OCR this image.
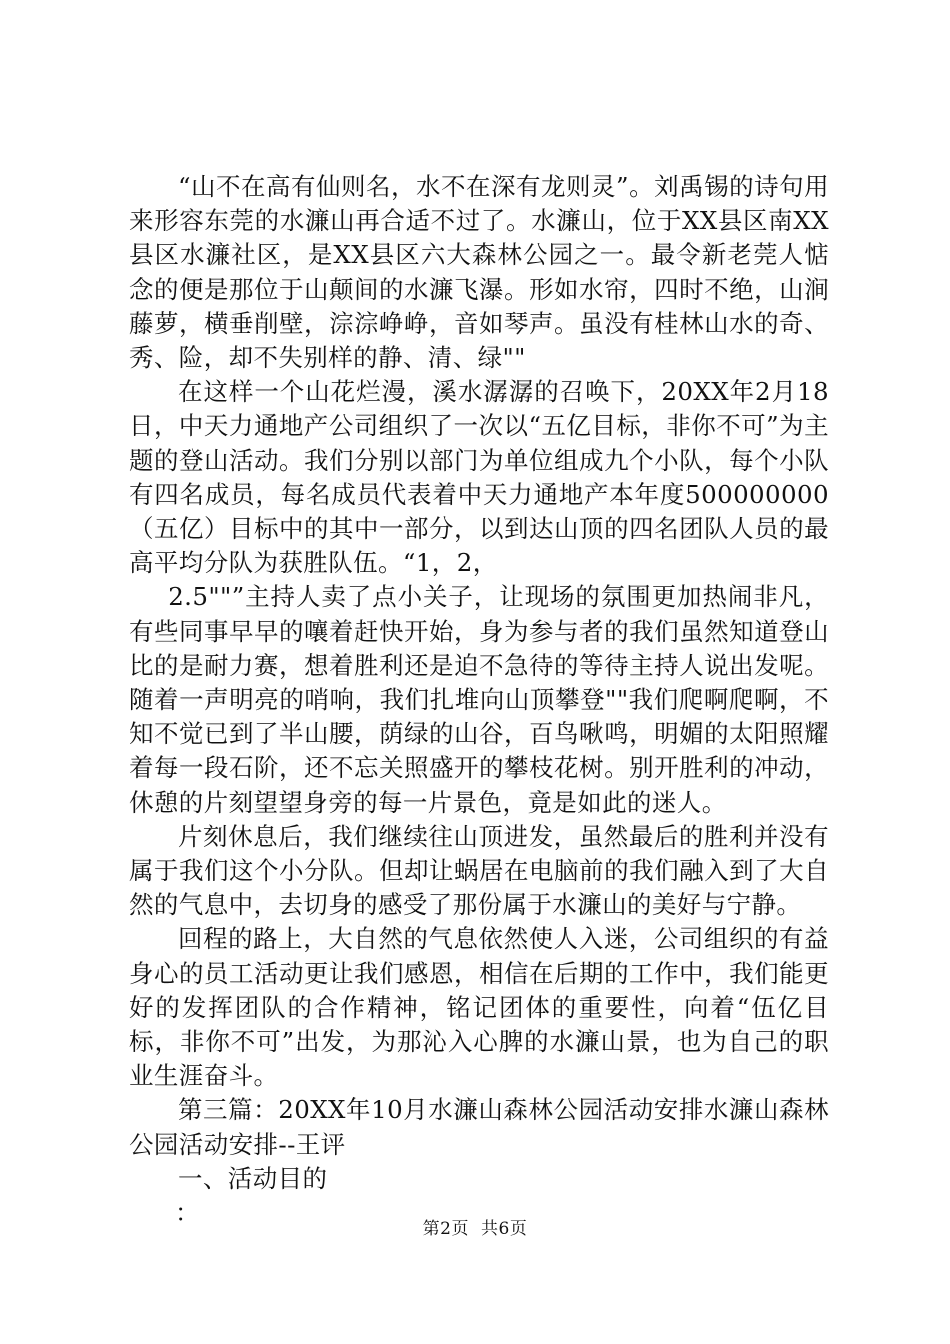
“山不在高有仙则名，水不在深有龙则灵”。刘禹锡的诗句用来形容东莞的水濂山再合适不过了。水濂山，位于XX县区南XX县区水濂社区，是XX县区六大森林公园之一。最令新老莞人惦念的便是那位于山颠间的水濂飞瀑。形如水帘，四时不绝，山涧藤萝，横垂削壁，淙淙峥峥，音如琴声。虽没有桂林山水的奇、秀、险，却不失别样的静、清、绿""

在这样一个山花烂漫，溪水潺潺的召唤下，20XX年2月18日，中天力通地产公司组织了一次以“五亿目标，非你不可”为主题的登山活动。我们分别以部门为单位组成九个小队，每个小队有四名成员，每名成员代表着中天力通地产本年度500000000（五亿）目标中的其中一部分，以到达山顶的四名团队人员的最高平均分队为获胜队伍。“1，2，

2.5""”主持人卖了点小关子，让现场的氛围更加热闹非凡，有些同事早早的嚷着赶快开始，身为参与者的我们虽然知道登山比的是耐力赛，想着胜利还是迫不急待的等待主持人说出发呢。随着一声明亮的哨响，我们扎堆向山顶攀登""我们爬啊爬啊，不知不觉已到了半山腰，荫绿的山谷，百鸟啾鸣，明媚的太阳照耀着每一段石阶，还不忘关照盛开的攀枝花树。别开胜利的冲动，休憩的片刻望望身旁的每一片景色，竟是如此的迷人。

片刻休息后，我们继续往山顶进发，虽然最后的胜利并没有属于我们这个小分队。但却让蜗居在电脑前的我们融入到了大自然的气息中，去切身的感受了那份属于水濂山的美好与宁静。

回程的路上，大自然的气息依然使人入迷，公司组织的有益身心的员工活动更让我们感恩，相信在后期的工作中，我们能更好的发挥团队的合作精神，铭记团体的重要性，向着“伍亿目标，非你不可”出发，为那沁入心脾的水濂山景，也为自己的职业生涯奋斗。

第三篇：20XX年10月水濂山森林公园活动安排水濂山森林公园活动安排--王评

一、活动目的

：

第2页 共6页
